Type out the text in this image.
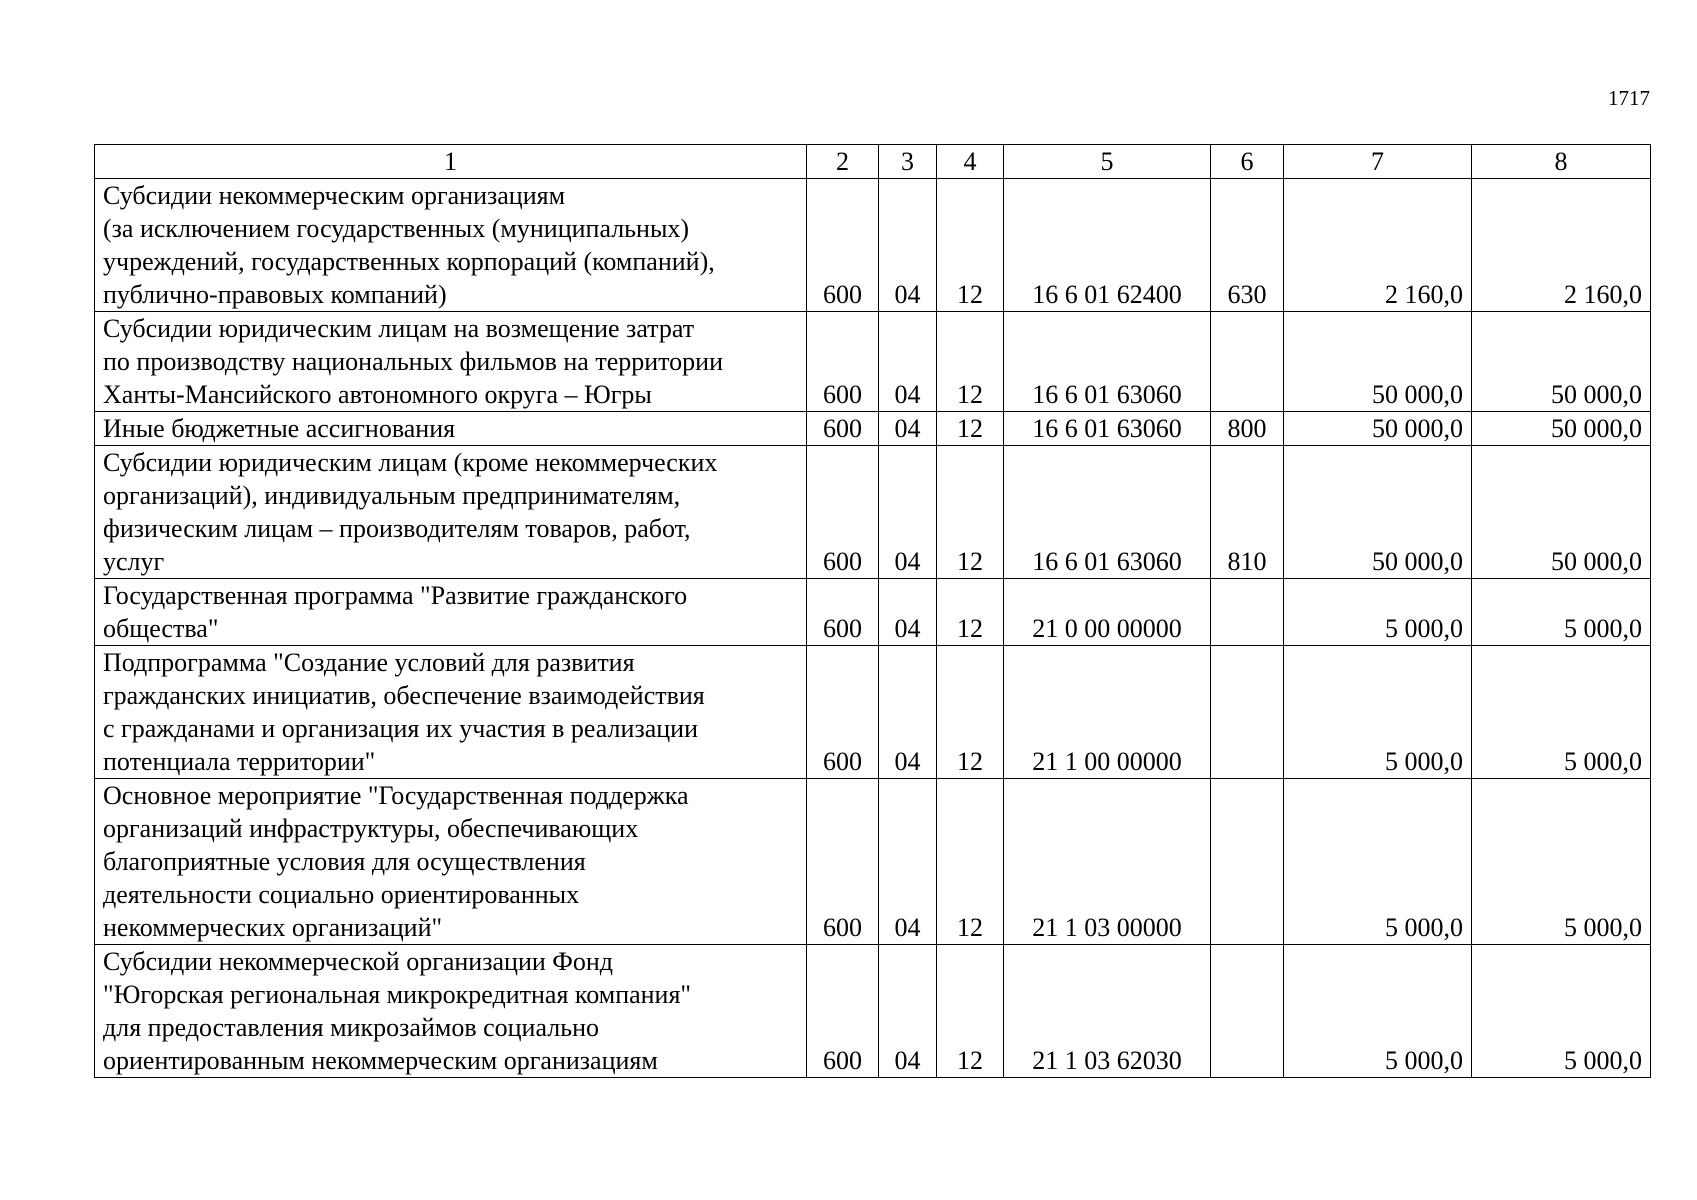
1717
1	2	3	4	5	6	7	8
Субсидии некоммерческим организациям
(за исключением государственных (муниципальных)
учреждений, государственных корпораций (компаний),
публично-правовых компаний)	600	04	12	16 6 01 62400	630	2 160,0	2 160,0
Субсидии юридическим лицам на возмещение затрат
по производству национальных фильмов на территории
Ханты-Мансийского автономного округа – Югры	600	04	12	16 6 01 63060		50 000,0	50 000,0
Иные бюджетные ассигнования	600	04	12	16 6 01 63060	800	50 000,0	50 000,0
Субсидии юридическим лицам (кроме некоммерческих
организаций), индивидуальным предпринимателям,
физическим лицам – производителям товаров, работ,
услуг	600	04	12	16 6 01 63060	810	50 000,0	50 000,0
Государственная программа "Развитие гражданского
общества"	600	04	12	21 0 00 00000		5 000,0	5 000,0
Подпрограмма "Создание условий для развития
гражданских инициатив, обеспечение взаимодействия
с гражданами и организация их участия в реализации
потенциала территории"	600	04	12	21 1 00 00000		5 000,0	5 000,0
Основное мероприятие "Государственная поддержка
организаций инфраструктуры, обеспечивающих
благоприятные условия для осуществления
деятельности социально ориентированных
некоммерческих организаций"	600	04	12	21 1 03 00000		5 000,0	5 000,0
Субсидии некоммерческой организации Фонд
"Югорская региональная микрокредитная компания"
для предоставления микрозаймов социально
ориентированным некоммерческим организациям	600	04	12	21 1 03 62030		5 000,0	5 000,0
